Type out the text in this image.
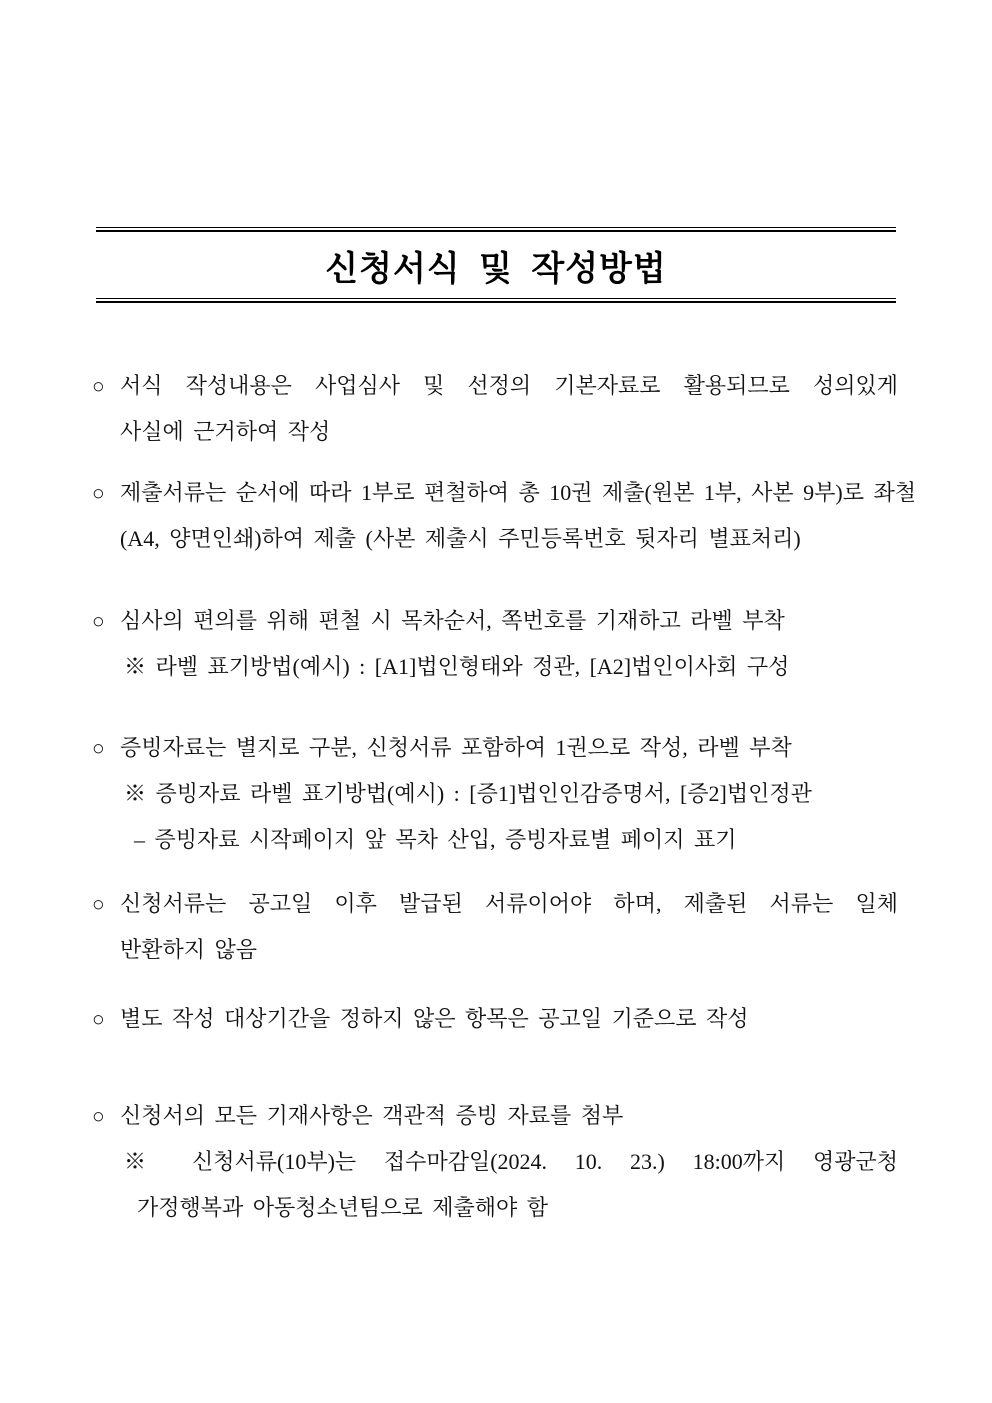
신청서식 및 작성방법
○ 서식 작성내용은 사업심사 및 선정의 기본자료로 활용되므로 성의있게
사실에 근거하여 작성
○ 제출서류는 순서에 따라 1부로 편철하여 총 10권 제출(원본 1부, 사본 9부)로 좌철
(A4, 양면인쇄)하여 제출 (사본 제출시 주민등록번호 뒷자리 별표처리)
○ 심사의 편의를 위해 편철 시 목차순서, 쪽번호를 기재하고 라벨 부착
※ 라벨 표기방법(예시) : [A1]법인형태와 정관, [A2]법인이사회 구성
○ 증빙자료는 별지로 구분, 신청서류 포함하여 1권으로 작성, 라벨 부착
※ 증빙자료 라벨 표기방법(예시) : [증1]법인인감증명서, [증2]법인정관
– 증빙자료 시작페이지 앞 목차 산입, 증빙자료별 페이지 표기
○ 신청서류는 공고일 이후 발급된 서류이어야 하며, 제출된 서류는 일체
반환하지 않음
○ 별도 작성 대상기간을 정하지 않은 항목은 공고일 기준으로 작성
○ 신청서의 모든 기재사항은 객관적 증빙 자료를 첨부
※ 신청서류(10부)는 접수마감일(2024. 10. 23.) 18:00까지 영광군청
가정행복과 아동청소년팀으로 제출해야 함
